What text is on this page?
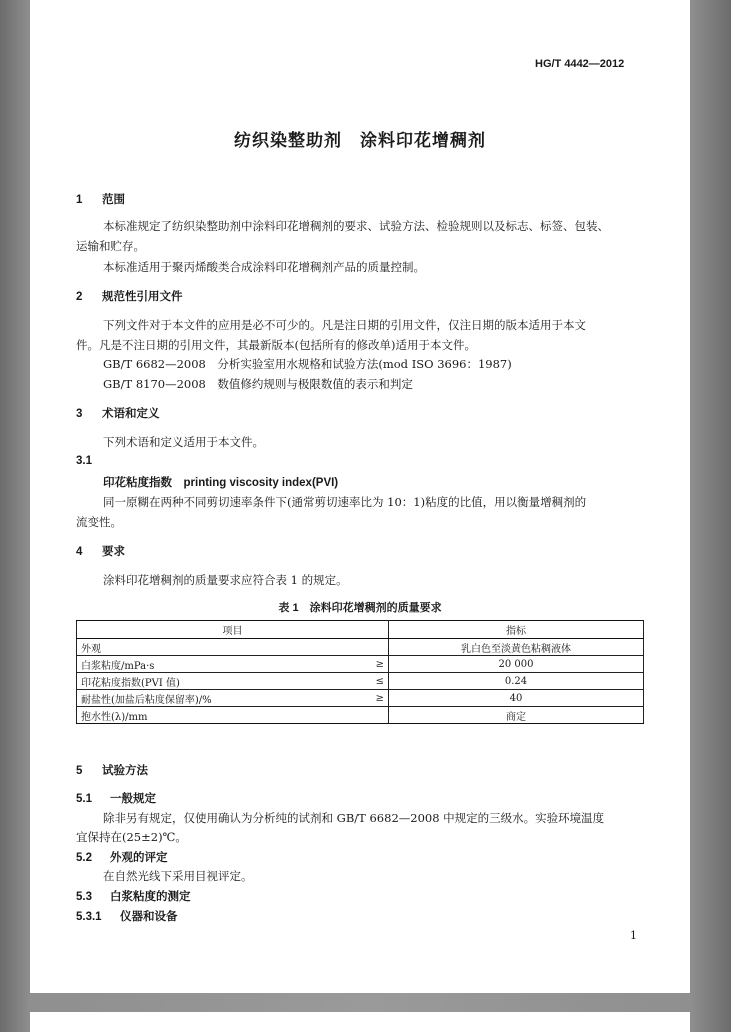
HG/T 4442—2012
纺织染整助剂　涂料印花增稠剂
1 范围
本标准规定了纺织染整助剂中涂料印花增稠剂的要求、试验方法、检验规则以及标志、标签、包装、
运输和贮存。
本标准适用于聚丙烯酸类合成涂料印花增稠剂产品的质量控制。
2 规范性引用文件
下列文件对于本文件的应用是必不可少的。凡是注日期的引用文件，仅注日期的版本适用于本文
件。凡是不注日期的引用文件，其最新版本(包括所有的修改单)适用于本文件。
GB/T 6682—2008　分析实验室用水规格和试验方法(mod ISO 3696：1987)
GB/T 8170—2008　数值修约规则与极限数值的表示和判定
3 术语和定义
下列术语和定义适用于本文件。
3.1
印花粘度指数　printing viscosity index(PVI)
同一原糊在两种不同剪切速率条件下(通常剪切速率比为 10：1)粘度的比值，用以衡量增稠剂的
流变性。
4 要求
涂料印花增稠剂的质量要求应符合表 1 的规定。
表 1　涂料印花增稠剂的质量要求
项目		指标
外观		乳白色至淡黄色粘稠液体
白浆粘度/mPa·s	≥	20 000
印花粘度指数(PVI 值)	≤	0.24
耐盐性(加盐后粘度保留率)/%	≥	40
抱水性(λ)/mm		商定
5 试验方法
5.1 一般规定
除非另有规定，仅使用确认为分析纯的试剂和 GB/T 6682—2008 中规定的三级水。实验环境温度
宜保持在(25±2)℃。
5.2 外观的评定
在自然光线下采用目视评定。
5.3 白浆粘度的测定
5.3.1 仪器和设备
1
